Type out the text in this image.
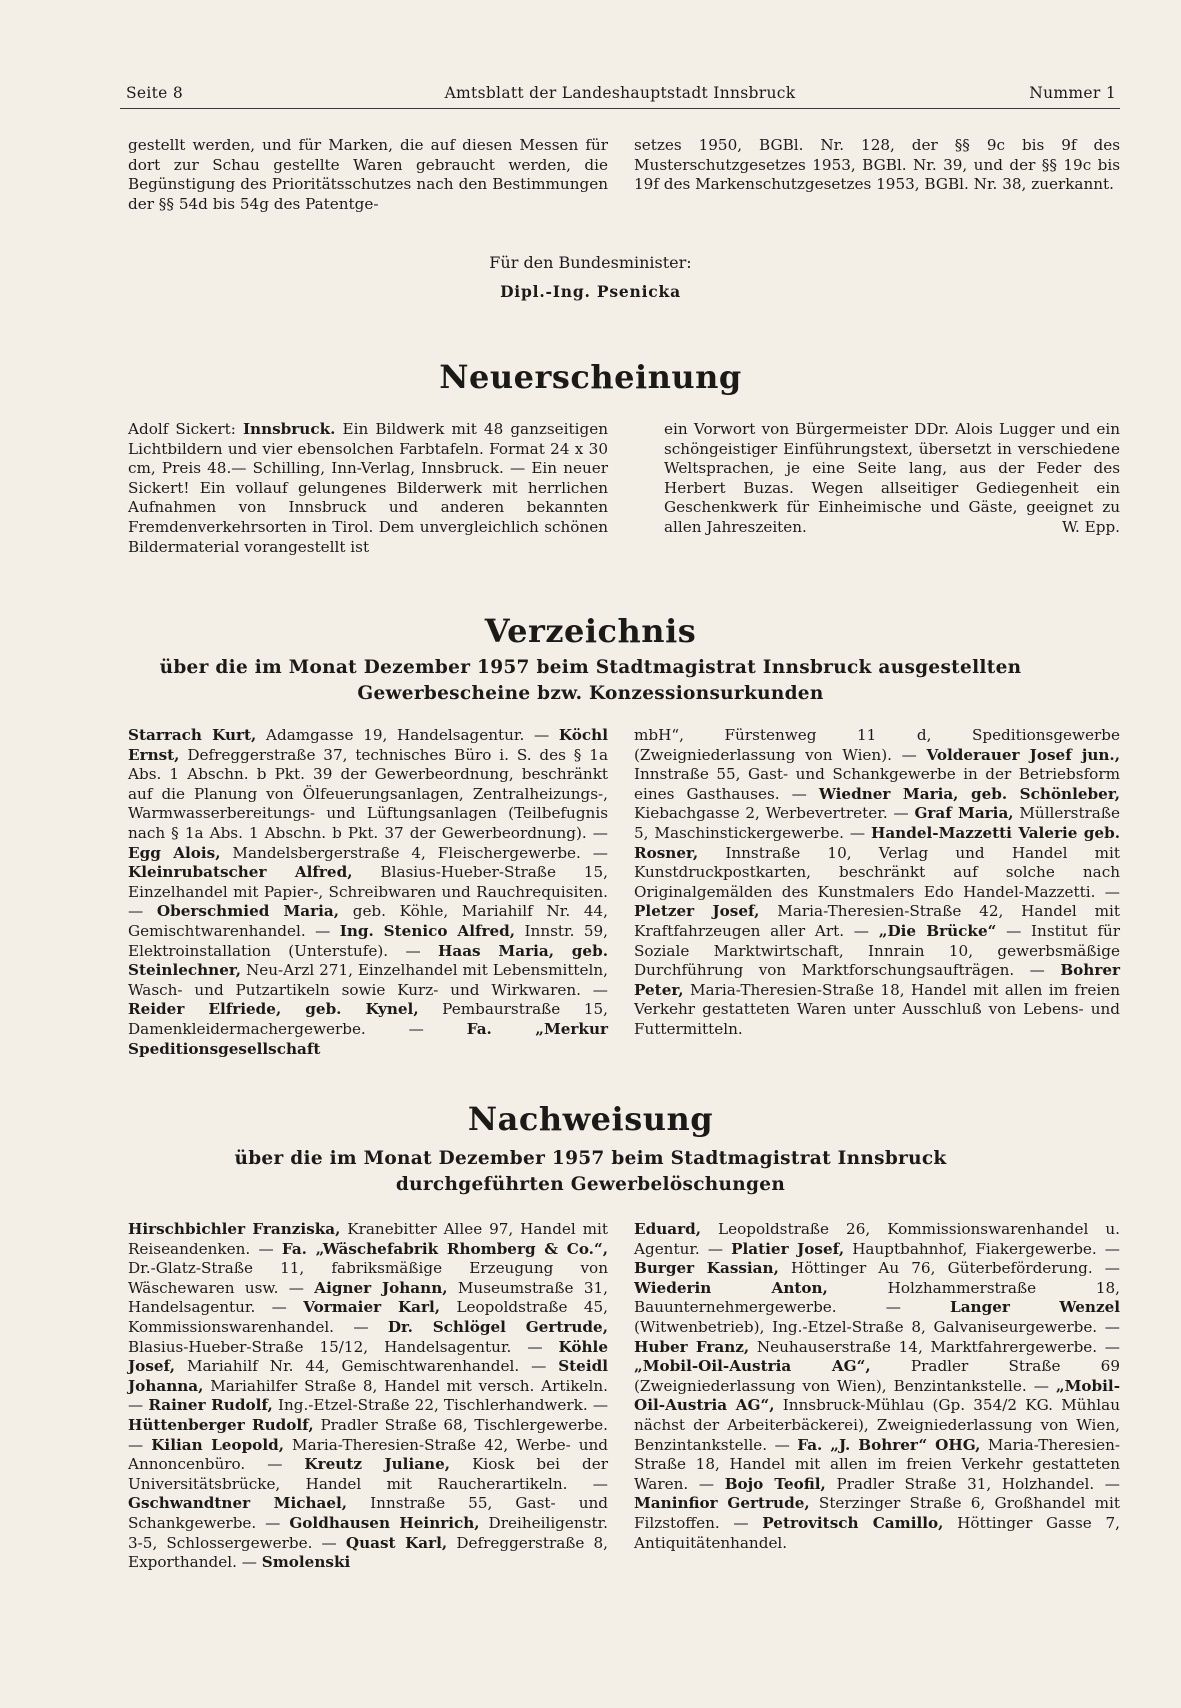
Seite 8	Amtsblatt der Landeshauptstadt Innsbruck	Nummer 1

gestellt werden, und für Marken, die auf diesen Messen für dort zur Schau gestellte Waren gebraucht werden, die Begünstigung des Prioritätsschutzes nach den Bestimmungen der §§ 54d bis 54g des Patentge-

setzes 1950, BGBl. Nr. 128, der §§ 9c bis 9f des Musterschutzgesetzes 1953, BGBl. Nr. 39, und der §§ 19c bis 19f des Markenschutzgesetzes 1953, BGBl. Nr. 38, zuerkannt.

Für den Bundesminister:
Dipl.-Ing. Psenicka
Neuerscheinung

Adolf Sickert: Innsbruck. Ein Bildwerk mit 48 ganzseitigen Lichtbildern und vier ebensolchen Farbtafeln. Format 24 x 30 cm, Preis 48.— Schilling, Inn-Verlag, Innsbruck. — Ein neuer Sickert! Ein vollauf gelungenes Bilderwerk mit herrlichen Aufnahmen von Innsbruck und anderen bekannten Fremdenverkehrsorten in Tirol. Dem unvergleichlich schönen Bildermaterial vorangestellt ist

ein Vorwort von Bürgermeister DDr. Alois Lugger und ein schöngeistiger Einführungstext, übersetzt in verschiedene Weltsprachen, je eine Seite lang, aus der Feder des Herbert Buzas. Wegen allseitiger Gediegenheit ein Geschenkwerk für Einheimische und Gäste, geeignet zu allen Jahreszeiten.	W. Epp.

Verzeichnis
über die im Monat Dezember 1957 beim Stadtmagistrat Innsbruck ausgestellten
Gewerbescheine bzw. Konzessionsurkunden

Starrach Kurt, Adamgasse 19, Handelsagentur. — Köchl Ernst, Defreggerstraße 37, technisches Büro i. S. des § 1a Abs. 1 Abschn. b Pkt. 39 der Gewerbeordnung, beschränkt auf die Planung von Ölfeuerungsanlagen, Zentralheizungs-, Warmwasserbereitungs- und Lüftungsanlagen (Teilbefugnis nach § 1a Abs. 1 Abschn. b Pkt. 37 der Gewerbeordnung). — Egg Alois, Mandelsbergerstraße 4, Fleischergewerbe. — Kleinrubatscher Alfred, Blasius-Hueber-Straße 15, Einzelhandel mit Papier-, Schreibwaren und Rauchrequisiten. — Oberschmied Maria, geb. Köhle, Mariahilf Nr. 44, Gemischtwarenhandel. — Ing. Stenico Alfred, Innstr. 59, Elektroinstallation (Unterstufe). — Haas Maria, geb. Steinlechner, Neu-Arzl 271, Einzelhandel mit Lebensmitteln, Wasch- und Putzartikeln sowie Kurz- und Wirkwaren. — Reider Elfriede, geb. Kynel, Pembaurstraße 15, Damenkleidermachergewerbe. — Fa. „Merkur Speditionsgesellschaft

mbH“, Fürstenweg 11 d, Speditionsgewerbe (Zweigniederlassung von Wien). — Volderauer Josef jun., Innstraße 55, Gast- und Schankgewerbe in der Betriebsform eines Gasthauses. — Wiedner Maria, geb. Schönleber, Kiebachgasse 2, Werbevertreter. — Graf Maria, Müllerstraße 5, Maschinstickergewerbe. — Handel-Mazzetti Valerie geb. Rosner, Innstraße 10, Verlag und Handel mit Kunstdruckpostkarten, beschränkt auf solche nach Originalgemälden des Kunstmalers Edo Handel-Mazzetti. — Pletzer Josef, Maria-Theresien-Straße 42, Handel mit Kraftfahrzeugen aller Art. — „Die Brücke“ — Institut für Soziale Marktwirtschaft, Innrain 10, gewerbsmäßige Durchführung von Marktforschungsaufträgen. — Bohrer Peter, Maria-Theresien-Straße 18, Handel mit allen im freien Verkehr gestatteten Waren unter Ausschluß von Lebens- und Futtermitteln.

Nachweisung
über die im Monat Dezember 1957 beim Stadtmagistrat Innsbruck
durchgeführten Gewerbelöschungen

Hirschbichler Franziska, Kranebitter Allee 97, Handel mit Reiseandenken. — Fa. „Wäschefabrik Rhomberg & Co.“, Dr.-Glatz-Straße 11, fabriksmäßige Erzeugung von Wäschewaren usw. — Aigner Johann, Museumstraße 31, Handelsagentur. — Vormaier Karl, Leopoldstraße 45, Kommissionswarenhandel. — Dr. Schlögel Gertrude, Blasius-Hueber-Straße 15/12, Handelsagentur. — Köhle Josef, Mariahilf Nr. 44, Gemischtwarenhandel. — Steidl Johanna, Mariahilfer Straße 8, Handel mit versch. Artikeln. — Rainer Rudolf, Ing.-Etzel-Straße 22, Tischlerhandwerk. — Hüttenberger Rudolf, Pradler Straße 68, Tischlergewerbe. — Kilian Leopold, Maria-Theresien-Straße 42, Werbe- und Annoncenbüro. — Kreutz Juliane, Kiosk bei der Universitätsbrücke, Handel mit Raucherartikeln. — Gschwandtner Michael, Innstraße 55, Gast- und Schankgewerbe. — Goldhausen Heinrich, Dreiheiligenstr. 3-5, Schlossergewerbe. — Quast Karl, Defreggerstraße 8, Exporthandel. — Smolenski

Eduard, Leopoldstraße 26, Kommissionswarenhandel u. Agentur. — Platier Josef, Hauptbahnhof, Fiakergewerbe. — Burger Kassian, Höttinger Au 76, Güterbeförderung. — Wiederin Anton, Holzhammerstraße 18, Bauunternehmergewerbe. — Langer Wenzel (Witwenbetrieb), Ing.-Etzel-Straße 8, Galvaniseurgewerbe. — Huber Franz, Neuhauserstraße 14, Marktfahrergewerbe. — „Mobil-Oil-Austria AG“, Pradler Straße 69 (Zweigniederlassung von Wien), Benzintankstelle. — „Mobil-Oil-Austria AG“, Innsbruck-Mühlau (Gp. 354/2 KG. Mühlau nächst der Arbeiterbäckerei), Zweigniederlassung von Wien, Benzintankstelle. — Fa. „J. Bohrer“ OHG, Maria-Theresien-Straße 18, Handel mit allen im freien Verkehr gestatteten Waren. — Bojo Teofil, Pradler Straße 31, Holzhandel. — Maninfior Gertrude, Sterzinger Straße 6, Großhandel mit Filzstoffen. — Petrovitsch Camillo, Höttinger Gasse 7, Antiquitätenhandel.
